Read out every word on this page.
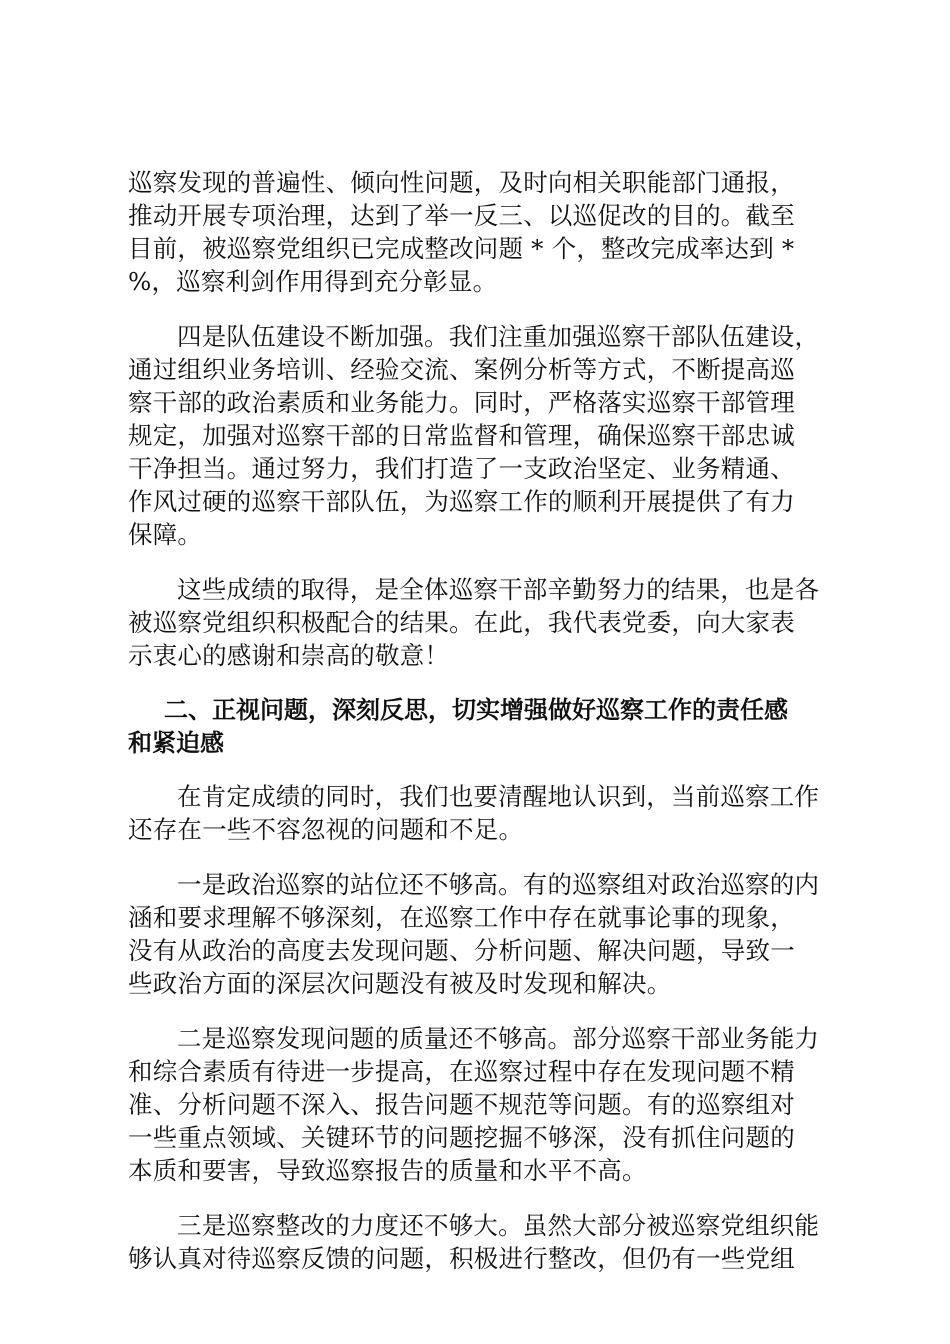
巡察发现的普遍性、倾向性问题，及时向相关职能部门通报，
推动开展专项治理，达到了举一反三、以巡促改的目的。截至
目前，被巡察党组织已完成整改问题 * 个，整改完成率达到 *
%，巡察利剑作用得到充分彰显。

四是队伍建设不断加强。我们注重加强巡察干部队伍建设，
通过组织业务培训、经验交流、案例分析等方式，不断提高巡
察干部的政治素质和业务能力。同时，严格落实巡察干部管理
规定，加强对巡察干部的日常监督和管理，确保巡察干部忠诚
干净担当。通过努力，我们打造了一支政治坚定、业务精通、
作风过硬的巡察干部队伍，为巡察工作的顺利开展提供了有力
保障。

这些成绩的取得，是全体巡察干部辛勤努力的结果，也是各
被巡察党组织积极配合的结果。在此，我代表党委，向大家表
示衷心的感谢和崇高的敬意！

二、正视问题，深刻反思，切实增强做好巡察工作的责任感
和紧迫感

在肯定成绩的同时，我们也要清醒地认识到，当前巡察工作
还存在一些不容忽视的问题和不足。

一是政治巡察的站位还不够高。有的巡察组对政治巡察的内
涵和要求理解不够深刻，在巡察工作中存在就事论事的现象，
没有从政治的高度去发现问题、分析问题、解决问题，导致一
些政治方面的深层次问题没有被及时发现和解决。

二是巡察发现问题的质量还不够高。部分巡察干部业务能力
和综合素质有待进一步提高，在巡察过程中存在发现问题不精
准、分析问题不深入、报告问题不规范等问题。有的巡察组对
一些重点领域、关键环节的问题挖掘不够深，没有抓住问题的
本质和要害，导致巡察报告的质量和水平不高。

三是巡察整改的力度还不够大。虽然大部分被巡察党组织能
够认真对待巡察反馈的问题，积极进行整改，但仍有一些党组
